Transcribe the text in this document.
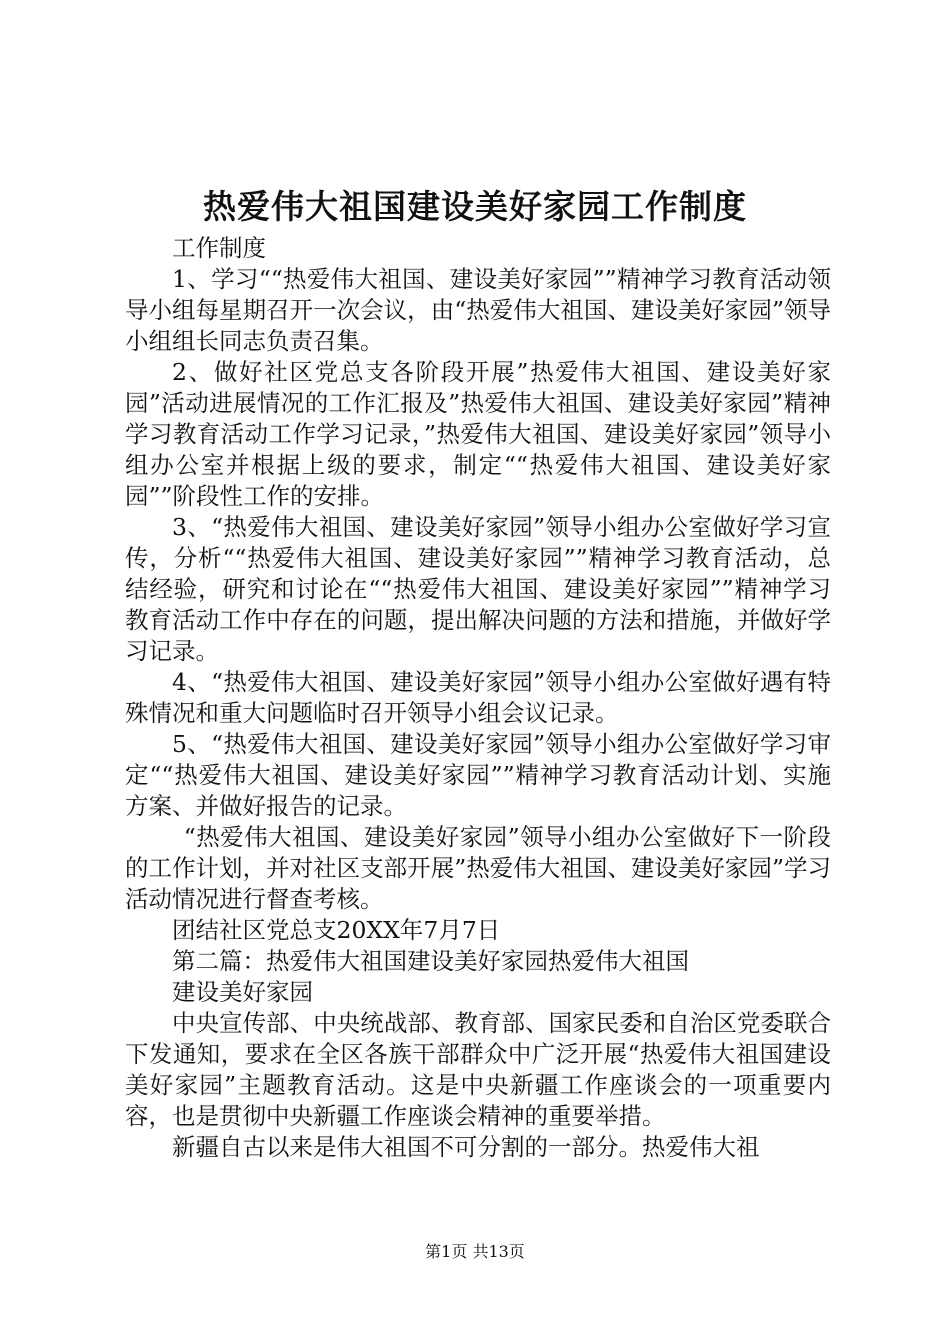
热爱伟大祖国建设美好家园工作制度

工作制度

1、学习““热爱伟大祖国、建设美好家园””精神学习教育活动领导小组每星期召开一次会议，由“热爱伟大祖国、建设美好家园”领导小组组长同志负责召集。

2、做好社区党总支各阶段开展”热爱伟大祖国、建设美好家园”活动进展情况的工作汇报及”热爱伟大祖国、建设美好家园”精神学习教育活动工作学习记录，”热爱伟大祖国、建设美好家园”领导小组办公室并根据上级的要求，制定““热爱伟大祖国、建设美好家园””阶段性工作的安排。

3、“热爱伟大祖国、建设美好家园”领导小组办公室做好学习宣传，分析““热爱伟大祖国、建设美好家园””精神学习教育活动，总结经验，研究和讨论在““热爱伟大祖国、建设美好家园””精神学习教育活动工作中存在的问题，提出解决问题的方法和措施，并做好学习记录。

4、“热爱伟大祖国、建设美好家园”领导小组办公室做好遇有特殊情况和重大问题临时召开领导小组会议记录。

5、“热爱伟大祖国、建设美好家园”领导小组办公室做好学习审定““热爱伟大祖国、建设美好家园””精神学习教育活动计划、实施方案、并做好报告的记录。

“热爱伟大祖国、建设美好家园”领导小组办公室做好下一阶段的工作计划，并对社区支部开展”热爱伟大祖国、建设美好家园”学习活动情况进行督查考核。

团结社区党总支20XX年7月7日

第二篇：热爱伟大祖国建设美好家园热爱伟大祖国

建设美好家园

中央宣传部、中央统战部、教育部、国家民委和自治区党委联合下发通知，要求在全区各族干部群众中广泛开展“热爱伟大祖国建设美好家园”主题教育活动。这是中央新疆工作座谈会的一项重要内容，也是贯彻中央新疆工作座谈会精神的重要举措。

新疆自古以来是伟大祖国不可分割的一部分。热爱伟大祖

第1页 共13页
